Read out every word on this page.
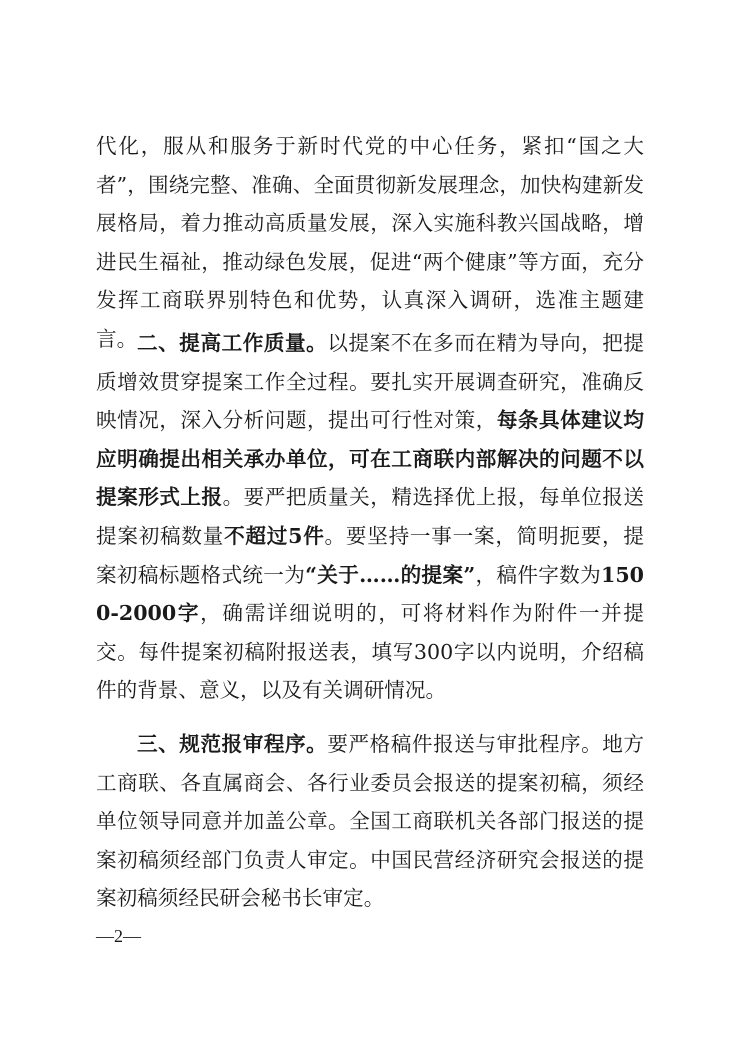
代化，服从和服务于新时代党的中心任务，紧扣“国之大者”，围绕完整、准确、全面贯彻新发展理念，加快构建新发展格局，着力推动高质量发展，深入实施科教兴国战略，增进民生福祉，推动绿色发展，促进“两个健康”等方面，充分发挥工商联界别特色和优势，认真深入调研，选准主题建言。 二、提高工作质量。以提案不在多而在精为导向，把提质增效贯穿提案工作全过程。要扎实开展调查研究，准确反映情况，深入分析问题，提出可行性对策，每条具体建议均应明确提出相关承办单位，可在工商联内部解决的问题不以提案形式上报。要严把质量关，精选择优上报，每单位报送提案初稿数量不超过5件。要坚持一事一案，简明扼要，提案初稿标题格式统一为“关于……的提案”，稿件字数为1500-2000字，确需详细说明的，可将材料作为附件一并提交。每件提案初稿附报送表，填写300字以内说明，介绍稿件的背景、意义，以及有关调研情况。

三、规范报审程序。要严格稿件报送与审批程序。地方工商联、各直属商会、各行业委员会报送的提案初稿，须经单位领导同意并加盖公章。全国工商联机关各部门报送的提案初稿须经部门负责人审定。中国民营经济研究会报送的提案初稿须经民研会秘书长审定。

—2—
